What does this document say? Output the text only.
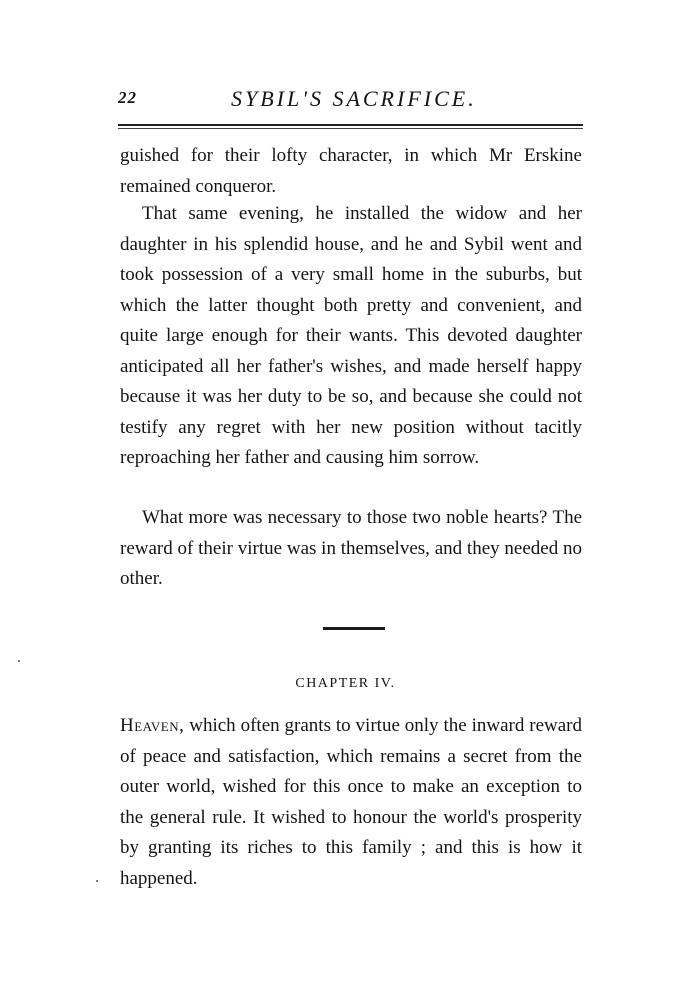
22	SYBIL'S SACRIFICE.

guished for their lofty character, in which Mr Erskine remained conqueror.

That same evening, he installed the widow and her daughter in his splendid house, and he and Sybil went and took possession of a very small home in the suburbs, but which the latter thought both pretty and convenient, and quite large enough for their wants. This devoted daughter anticipated all her father's wishes, and made herself happy because it was her duty to be so, and because she could not testify any regret with her new position without tacitly reproaching her father and causing him sorrow.

What more was necessary to those two noble hearts? The reward of their virtue was in themselves, and they needed no other.

CHAPTER IV.

Heaven, which often grants to virtue only the inward reward of peace and satisfaction, which remains a secret from the outer world, wished for this once to make an exception to the general rule. It wished to honour the world's prosperity by granting its riches to this family ; and this is how it happened.
